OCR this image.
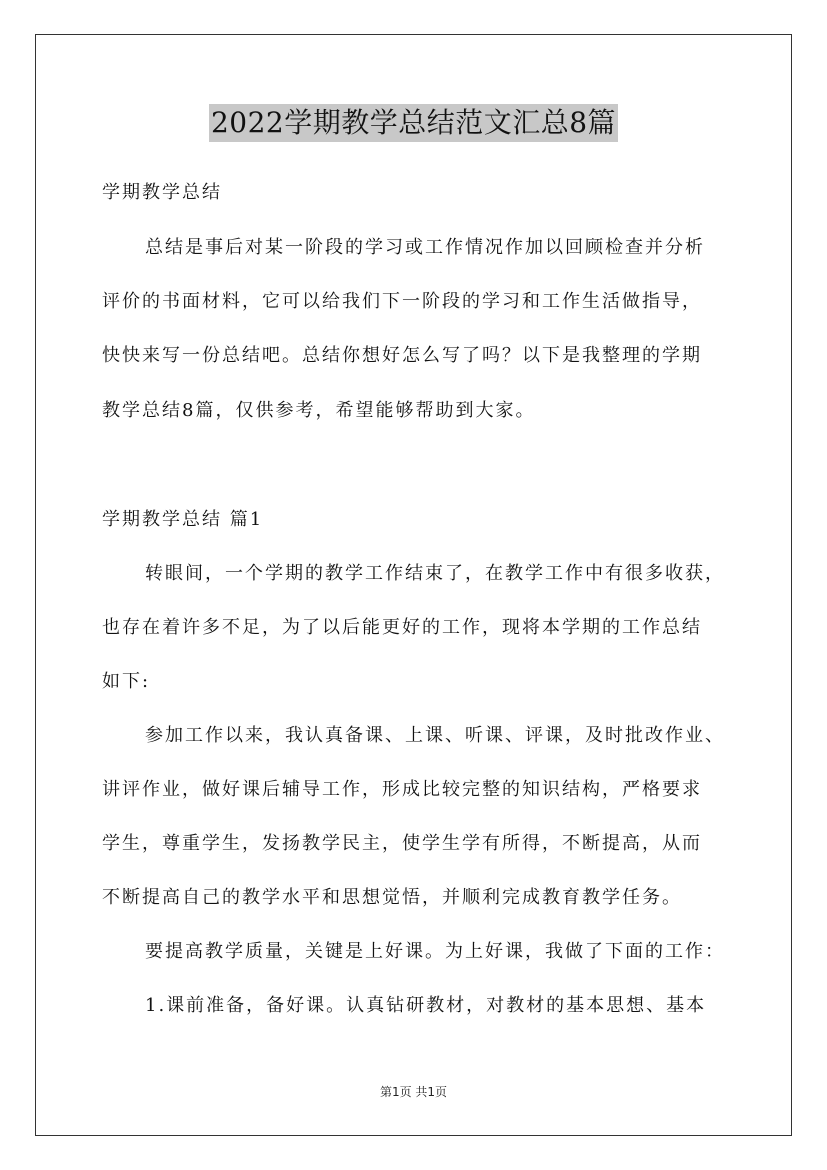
2022学期教学总结范文汇总8篇
学期教学总结
总结是事后对某一阶段的学习或工作情况作加以回顾检查并分析
评价的书面材料，它可以给我们下一阶段的学习和工作生活做指导，
快快来写一份总结吧。总结你想好怎么写了吗？以下是我整理的学期
教学总结8篇，仅供参考，希望能够帮助到大家。
学期教学总结 篇1
转眼间，一个学期的教学工作结束了，在教学工作中有很多收获，
也存在着许多不足，为了以后能更好的工作，现将本学期的工作总结
如下:
参加工作以来，我认真备课、上课、听课、评课，及时批改作业、
讲评作业，做好课后辅导工作，形成比较完整的知识结构，严格要求
学生，尊重学生，发扬教学民主，使学生学有所得，不断提高，从而
不断提高自己的教学水平和思想觉悟，并顺利完成教育教学任务。
要提高教学质量，关键是上好课。为上好课，我做了下面的工作：
1.课前准备，备好课。认真钻研教材，对教材的基本思想、基本
第1页 共1页
